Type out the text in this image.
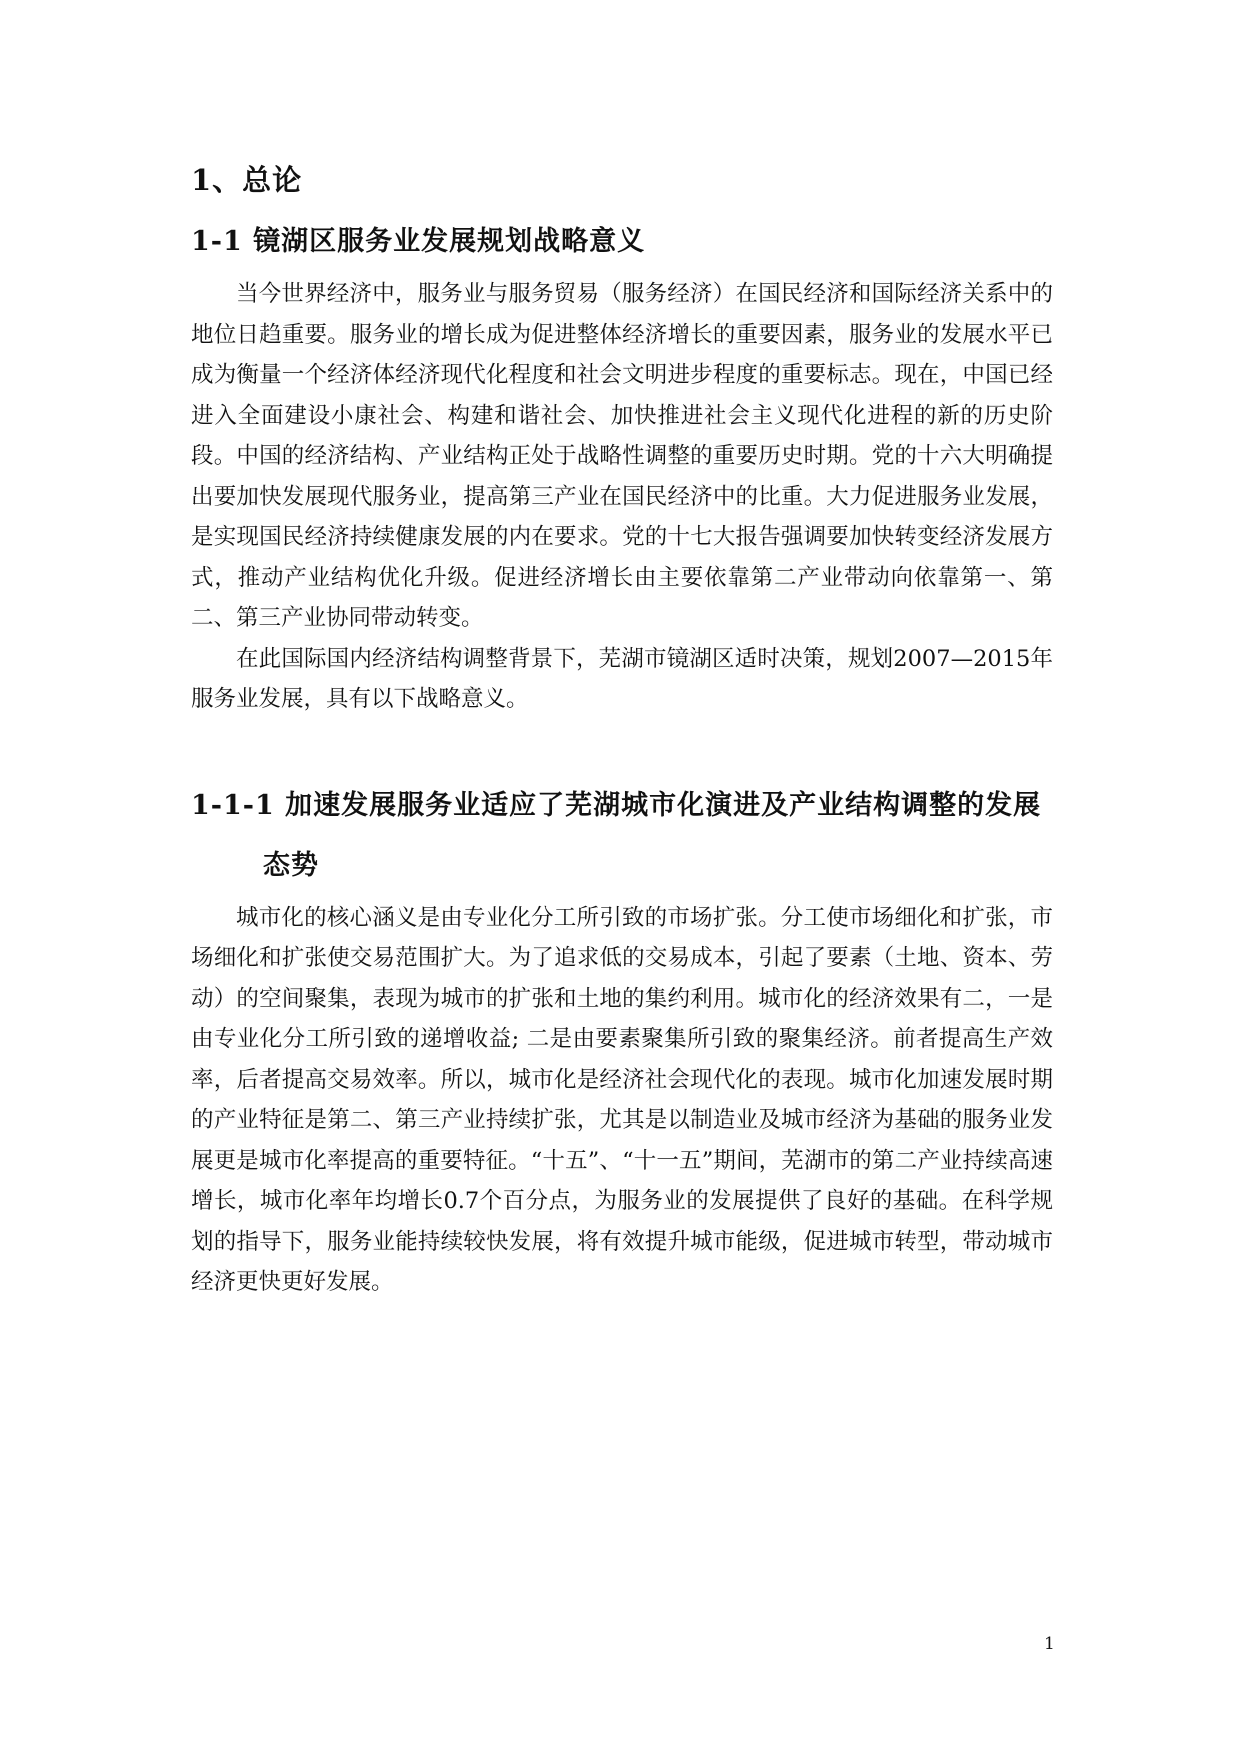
1、总论
1-1 镜湖区服务业发展规划战略意义

当今世界经济中，服务业与服务贸易（服务经济）在国民经济和国际经济关系中的地位日趋重要。服务业的增长成为促进整体经济增长的重要因素，服务业的发展水平已成为衡量一个经济体经济现代化程度和社会文明进步程度的重要标志。现在，中国已经进入全面建设小康社会、构建和谐社会、加快推进社会主义现代化进程的新的历史阶段。中国的经济结构、产业结构正处于战略性调整的重要历史时期。党的十六大明确提出要加快发展现代服务业，提高第三产业在国民经济中的比重。大力促进服务业发展，是实现国民经济持续健康发展的内在要求。党的十七大报告强调要加快转变经济发展方式，推动产业结构优化升级。促进经济增长由主要依靠第二产业带动向依靠第一、第二、第三产业协同带动转变。

在此国际国内经济结构调整背景下，芜湖市镜湖区适时决策，规划2007—2015年服务业发展，具有以下战略意义。

1-1-1 加速发展服务业适应了芜湖城市化演进及产业结构调整的发展
态势

城市化的核心涵义是由专业化分工所引致的市场扩张。分工使市场细化和扩张，市场细化和扩张使交易范围扩大。为了追求低的交易成本，引起了要素（土地、资本、劳动）的空间聚集，表现为城市的扩张和土地的集约利用。城市化的经济效果有二，一是由专业化分工所引致的递增收益; 二是由要素聚集所引致的聚集经济。前者提高生产效率，后者提高交易效率。所以，城市化是经济社会现代化的表现。城市化加速发展时期的产业特征是第二、第三产业持续扩张，尤其是以制造业及城市经济为基础的服务业发展更是城市化率提高的重要特征。“十五”、“十一五”期间，芜湖市的第二产业持续高速增长，城市化率年均增长0.7个百分点，为服务业的发展提供了良好的基础。在科学规划的指导下，服务业能持续较快发展，将有效提升城市能级，促进城市转型，带动城市经济更快更好发展。

1
